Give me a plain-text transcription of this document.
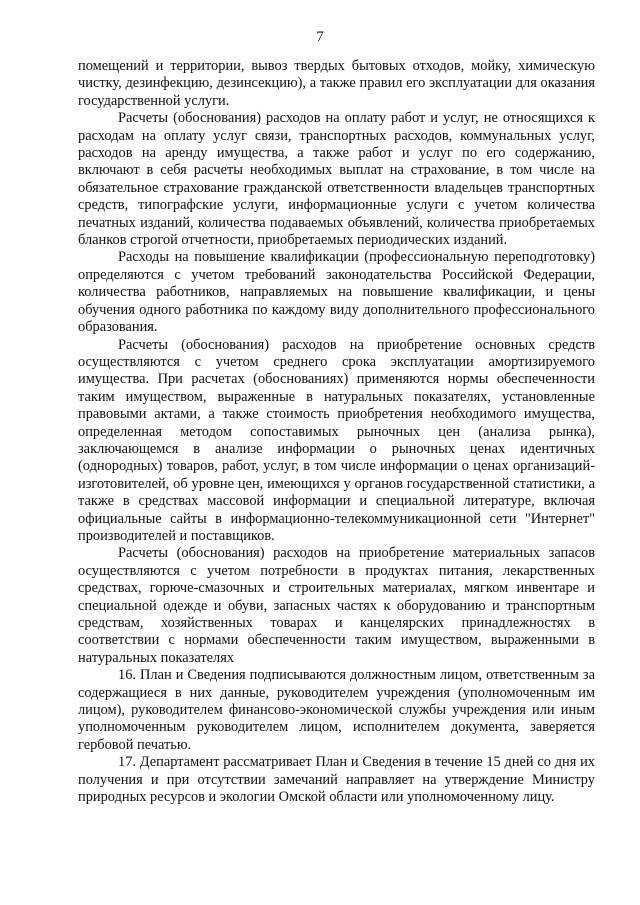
7

помещений и территории, вывоз твердых бытовых отходов, мойку, химическую чистку, дезинфекцию, дезинсекцию), а также правил его эксплуатации для оказания государственной услуги.

Расчеты (обоснования) расходов на оплату работ и услуг, не относящихся к расходам на оплату услуг связи, транспортных расходов, коммунальных услуг, расходов на аренду имущества, а также работ и услуг по его содержанию, включают в себя расчеты необходимых выплат на страхование, в том числе на обязательное страхование гражданской ответственности владельцев транспортных средств, типографские услуги, информационные услуги с учетом количества печатных изданий, количества подаваемых объявлений, количества приобретаемых бланков строгой отчетности, приобретаемых периодических изданий.

Расходы на повышение квалификации (профессиональную переподготовку) определяются с учетом требований законодательства Российской Федерации, количества работников, направляемых на повышение квалификации, и цены обучения одного работника по каждому виду дополнительного профессионального образования.

Расчеты (обоснования) расходов на приобретение основных средств осуществляются с учетом среднего срока эксплуатации амортизируемого имущества. При расчетах (обоснованиях) применяются нормы обеспеченности таким имуществом, выраженные в натуральных показателях, установленные правовыми актами, а также стоимость приобретения необходимого имущества, определенная методом сопоставимых рыночных цен (анализа рынка), заключающемся в анализе информации о рыночных ценах идентичных (однородных) товаров, работ, услуг, в том числе информации о ценах организаций-изготовителей, об уровне цен, имеющихся у органов государственной статистики, а также в средствах массовой информации и специальной литературе, включая официальные сайты в информационно-телекоммуникационной сети "Интернет" производителей и поставщиков.

Расчеты (обоснования) расходов на приобретение материальных запасов осуществляются с учетом потребности в продуктах питания, лекарственных средствах, горюче-смазочных и строительных материалах, мягком инвентаре и специальной одежде и обуви, запасных частях к оборудованию и транспортным средствам, хозяйственных товарах и канцелярских принадлежностях в соответствии с нормами обеспеченности таким имуществом, выраженными в натуральных показателях

16. План и Сведения подписываются должностным лицом, ответственным за содержащиеся в них данные, руководителем учреждения (уполномоченным им лицом), руководителем финансово-экономической службы учреждения или иным уполномоченным руководителем лицом, исполнителем документа, заверяется гербовой печатью.

17. Департамент рассматривает План и Сведения в течение 15 дней со дня их получения и при отсутствии замечаний направляет на утверждение Министру природных ресурсов и экологии Омской области или уполномоченному лицу.
